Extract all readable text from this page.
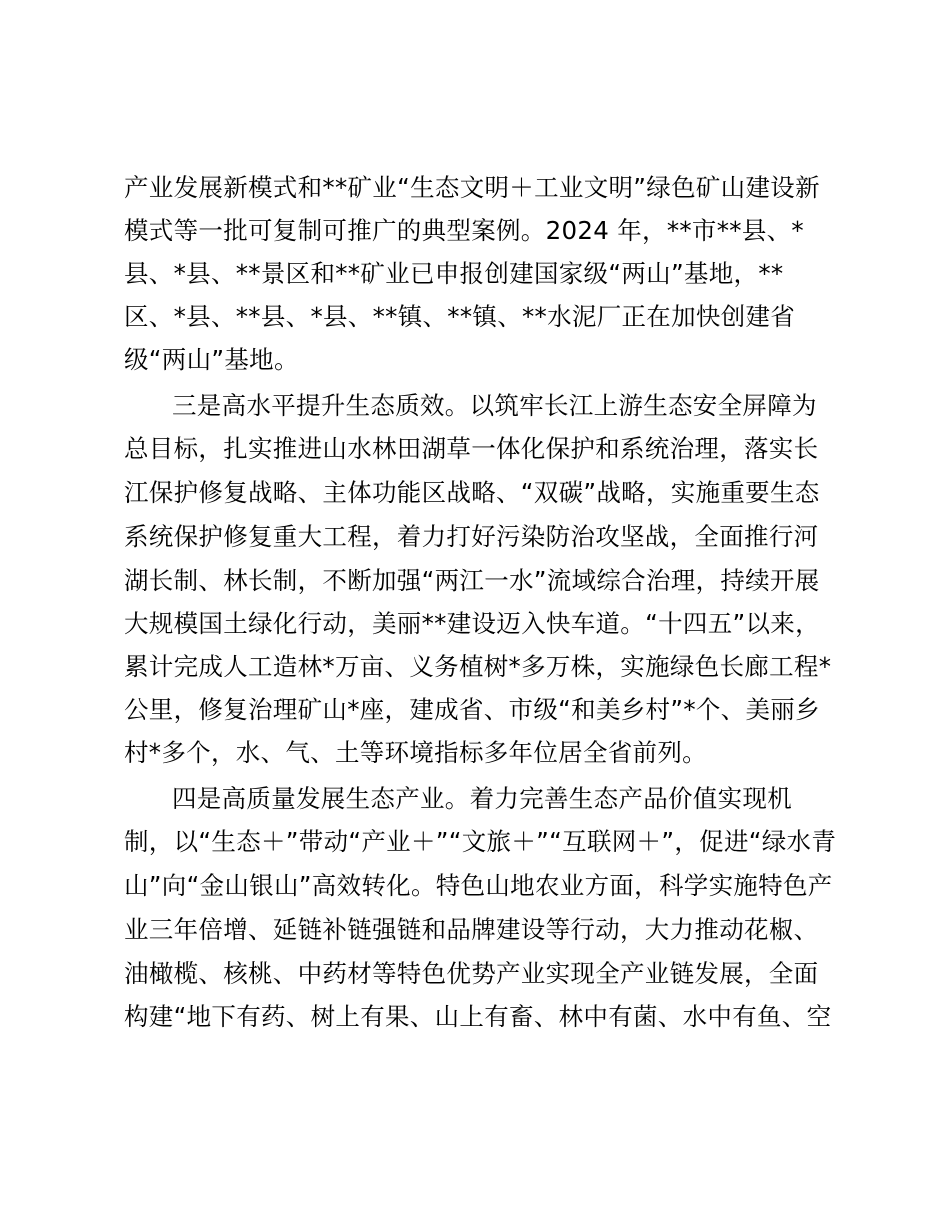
产业发展新模式和**矿业“生态文明＋工业文明”绿色矿山建设新
模式等一批可复制可推广的典型案例。2024 年，**市**县、*
县、*县、**景区和**矿业已申报创建国家级“两山”基地，**
区、*县、**县、*县、**镇、**镇、**水泥厂正在加快创建省
级“两山”基地。
三是高水平提升生态质效。以筑牢长江上游生态安全屏障为
总目标，扎实推进山水林田湖草一体化保护和系统治理，落实长
江保护修复战略、主体功能区战略、“双碳”战略，实施重要生态
系统保护修复重大工程，着力打好污染防治攻坚战，全面推行河
湖长制、林长制，不断加强“两江一水”流域综合治理，持续开展
大规模国土绿化行动，美丽**建设迈入快车道。“十四五”以来，
累计完成人工造林*万亩、义务植树*多万株，实施绿色长廊工程*
公里，修复治理矿山*座，建成省、市级“和美乡村”*个、美丽乡
村*多个，水、气、土等环境指标多年位居全省前列。
四是高质量发展生态产业。着力完善生态产品价值实现机
制，以“生态＋”带动“产业＋”“文旅＋”“互联网＋”，促进“绿水青
山”向“金山银山”高效转化。特色山地农业方面，科学实施特色产
业三年倍增、延链补链强链和品牌建设等行动，大力推动花椒、
油橄榄、核桃、中药材等特色优势产业实现全产业链发展，全面
构建“地下有药、树上有果、山上有畜、林中有菌、水中有鱼、空
